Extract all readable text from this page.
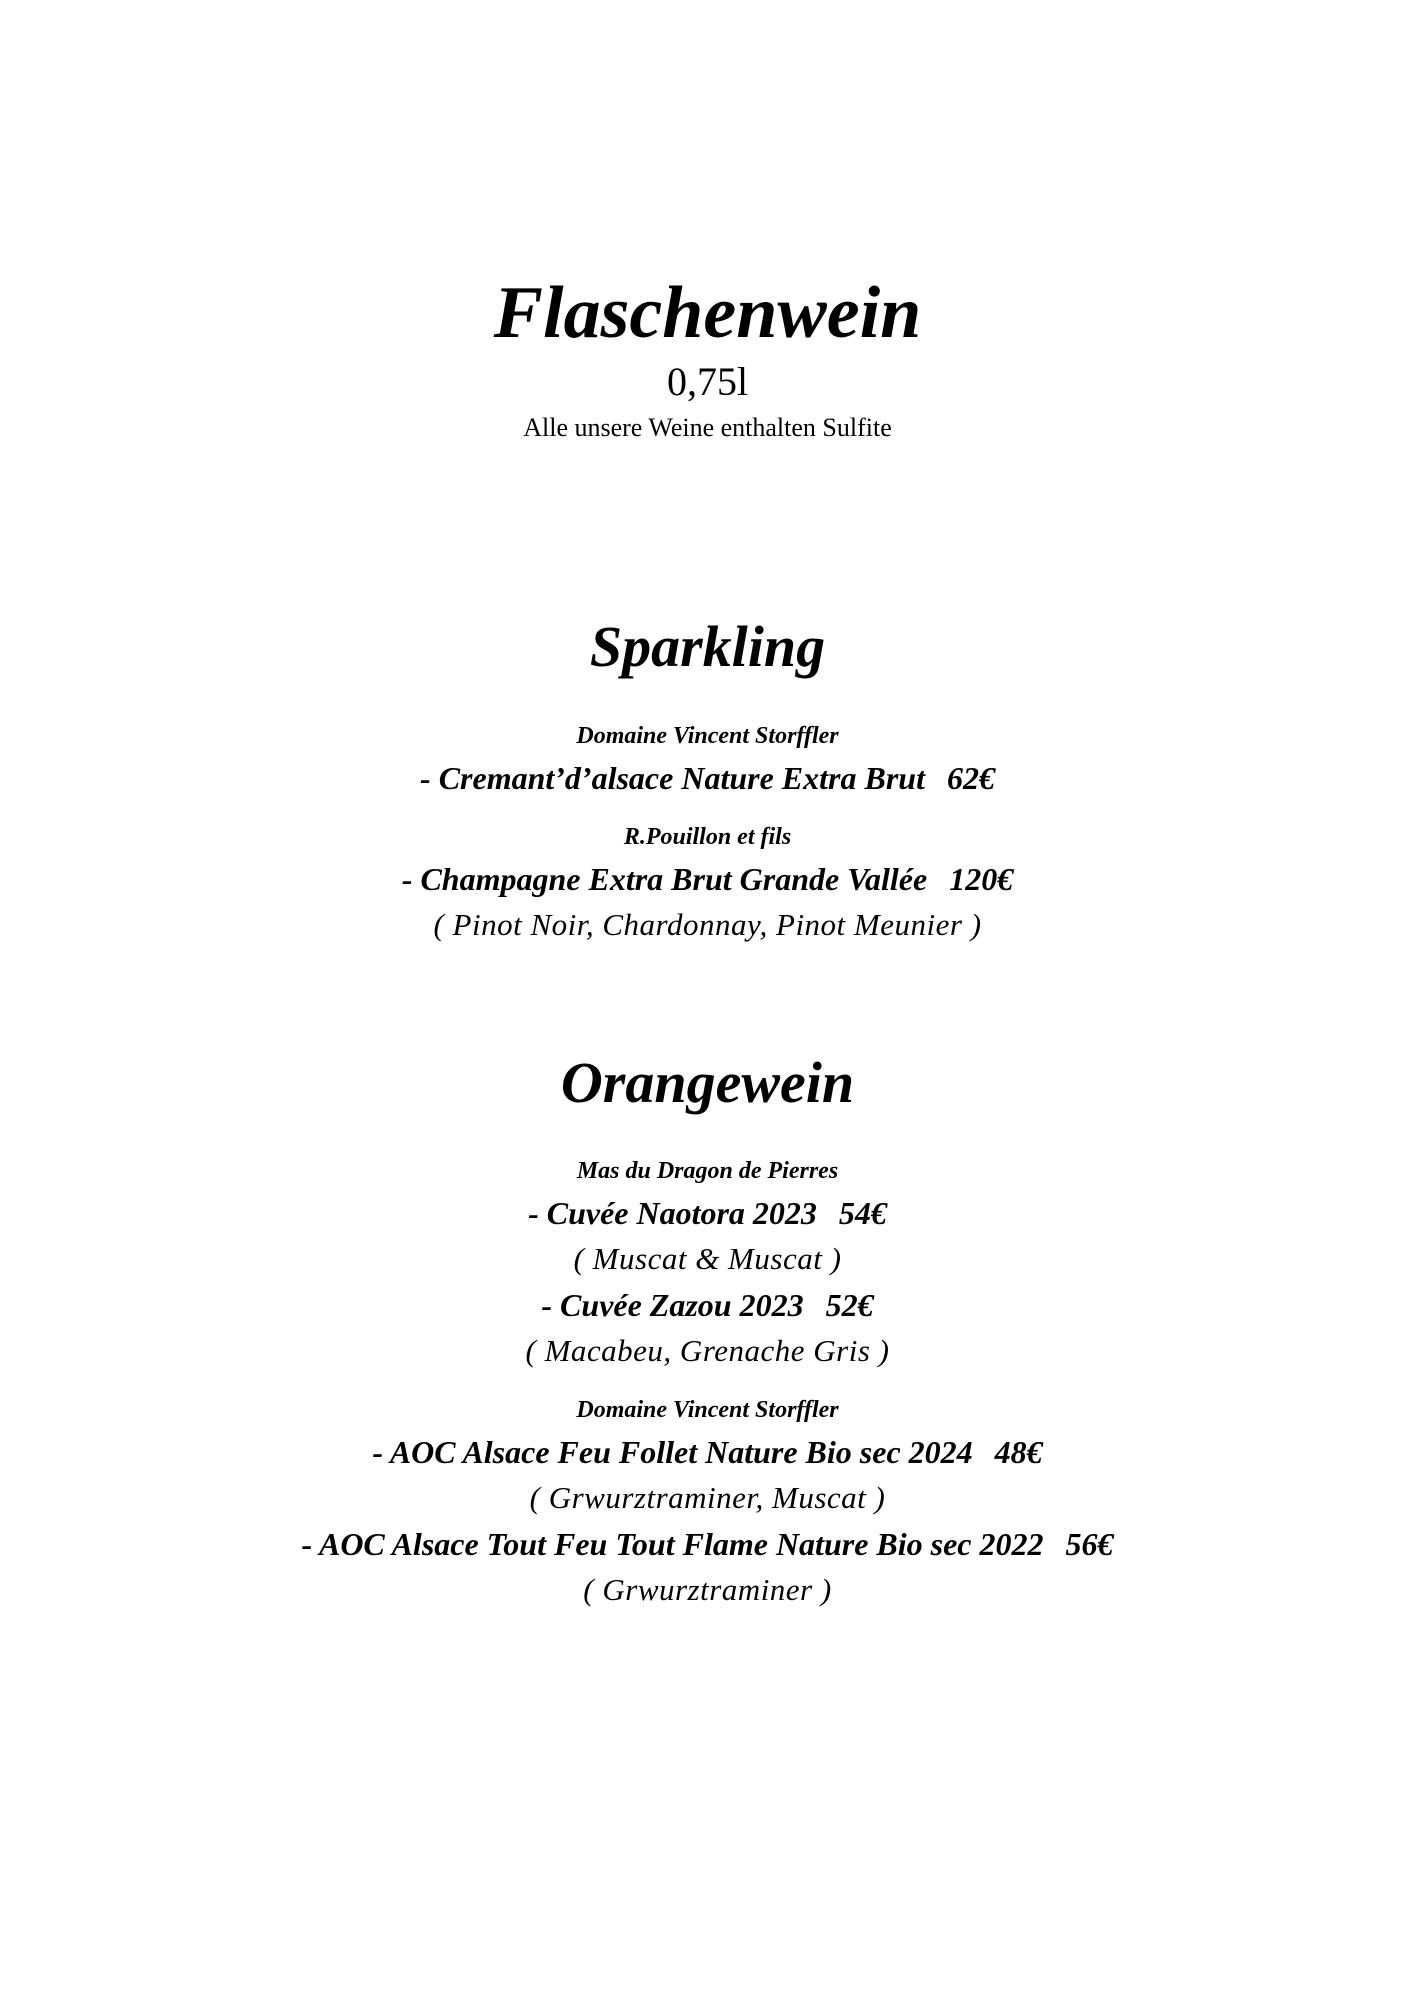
Flaschenwein
0,75l
Alle unsere Weine enthalten Sulfite
Sparkling
Domaine Vincent Storffler
- Cremant’d’alsace Nature Extra Brut 62€
R.Pouillon et fils
- Champagne Extra Brut Grande Vallée 120€
( Pinot Noir, Chardonnay, Pinot Meunier )
Orangewein
Mas du Dragon de Pierres
- Cuvée Naotora 2023 54€
( Muscat & Muscat )
- Cuvée Zazou 2023 52€
( Macabeu, Grenache Gris )
Domaine Vincent Storffler
- AOC Alsace Feu Follet Nature Bio sec 2024 48€
( Grwurztraminer, Muscat )
- AOC Alsace Tout Feu Tout Flame Nature Bio sec 2022 56€
( Grwurztraminer )
